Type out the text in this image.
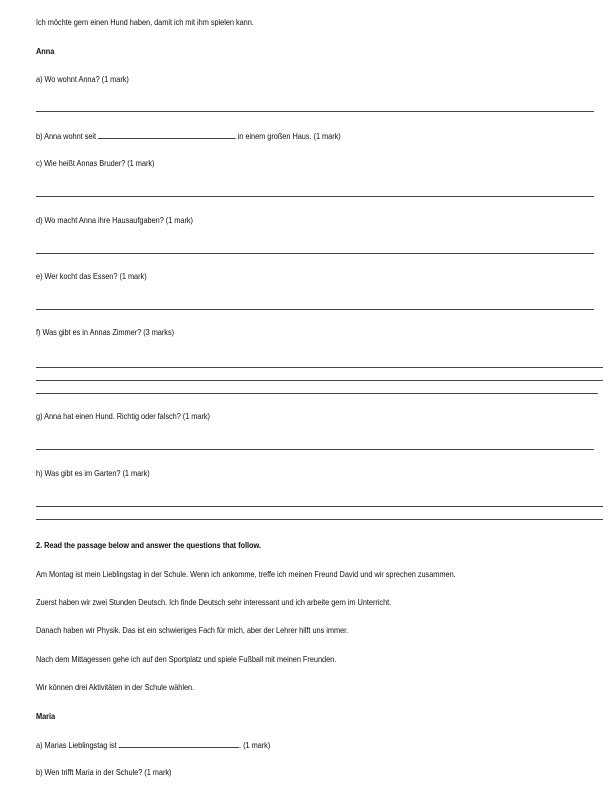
Ich möchte gern einen Hund haben, damit ich mit ihm spielen kann.
Anna
a) Wo wohnt Anna? (1 mark)
b) Anna wohnt seit	in einem großen Haus. (1 mark)
c) Wie heißt Annas Bruder? (1 mark)
d) Wo macht Anna ihre Hausaufgaben? (1 mark)
e) Wer kocht das Essen? (1 mark)
f) Was gibt es in Annas Zimmer? (3 marks)
g) Anna hat einen Hund. Richtig oder falsch? (1 mark)
h) Was gibt es im Garten? (1 mark)
2. Read the passage below and answer the questions that follow.
Am Montag ist mein Lieblingstag in der Schule. Wenn ich ankomme, treffe ich meinen Freund David und wir sprechen zusammen.
Zuerst haben wir zwei Stunden Deutsch. Ich finde Deutsch sehr interessant und ich arbeite gern im Unterricht.
Danach haben wir Physik. Das ist ein schwieriges Fach für mich, aber der Lehrer hilft uns immer.
Nach dem Mittagessen gehe ich auf den Sportplatz und spiele Fußball mit meinen Freunden.
Wir können drei Aktivitäten in der Schule wählen.
Maria
a) Marias Lieblingstag ist	. (1 mark)
b) Wen trifft Maria in der Schule? (1 mark)
